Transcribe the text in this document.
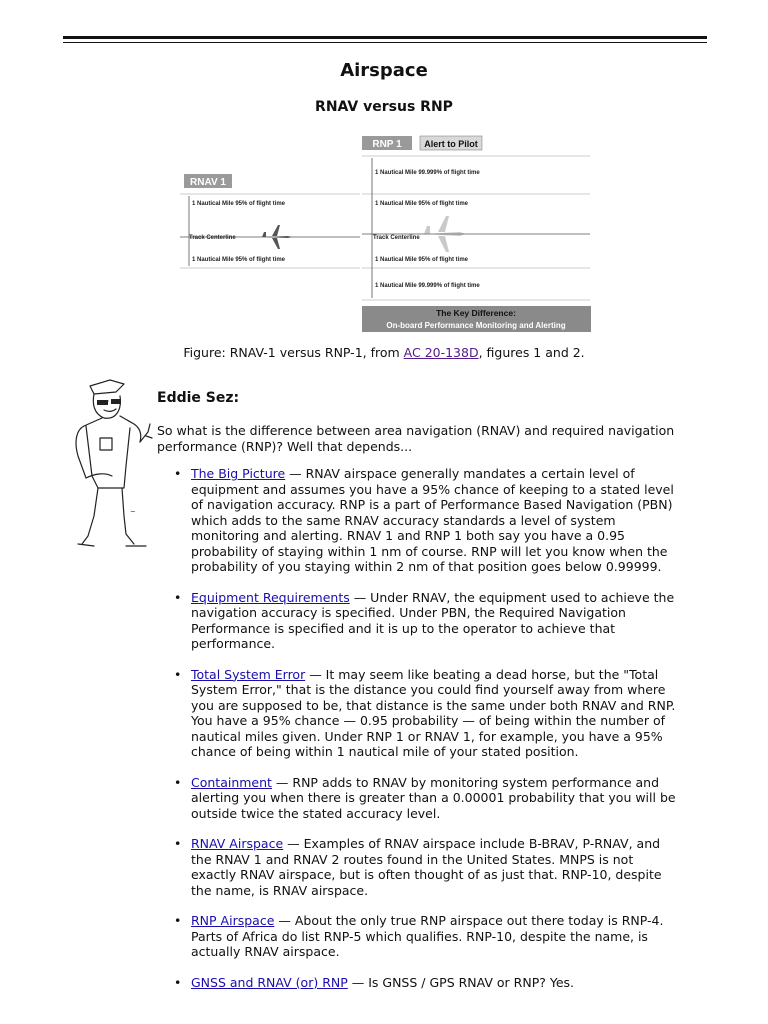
Airspace
RNAV versus RNP
RNAV 1
1 Nautical Mile 95% of flight time
Track Centerline
1 Nautical Mile 95% of flight time
RNP 1	Alert to Pilot
1 Nautical Mile 99.999% of flight time
1 Nautical Mile 95% of flight time
Track Centerline
1 Nautical Mile 95% of flight time
1 Nautical Mile 99.999% of flight time
The Key Difference:
On-board Performance Monitoring and Alerting
Figure: RNAV-1 versus RNP-1, from AC 20-138D, figures 1 and 2.
~
Eddie Sez:
So what is the difference between area navigation (RNAV) and required navigation performance (RNP)? Well that depends...
• The Big Picture — RNAV airspace generally mandates a certain level of equipment and assumes you have a 95% chance of keeping to a stated level of navigation accuracy. RNP is a part of Performance Based Navigation (PBN) which adds to the same RNAV accuracy standards a level of system monitoring and alerting. RNAV 1 and RNP 1 both say you have a 0.95 probability of staying within 1 nm of course. RNP will let you know when the probability of you staying within 2 nm of that position goes below 0.99999.
• Equipment Requirements — Under RNAV, the equipment used to achieve the navigation accuracy is specified. Under PBN, the Required Navigation Performance is specified and it is up to the operator to achieve that performance.
• Total System Error — It may seem like beating a dead horse, but the "Total System Error," that is the distance you could find yourself away from where you are supposed to be, that distance is the same under both RNAV and RNP. You have a 95% chance — 0.95 probability — of being within the number of nautical miles given. Under RNP 1 or RNAV 1, for example, you have a 95% chance of being within 1 nautical mile of your stated position.
• Containment — RNP adds to RNAV by monitoring system performance and alerting you when there is greater than a 0.00001 probability that you will be outside twice the stated accuracy level.
• RNAV Airspace — Examples of RNAV airspace include B-BRAV, P-RNAV, and the RNAV 1 and RNAV 2 routes found in the United States. MNPS is not exactly RNAV airspace, but is often thought of as just that. RNP-10, despite the name, is RNAV airspace.
• RNP Airspace — About the only true RNP airspace out there today is RNP-4. Parts of Africa do list RNP-5 which qualifies. RNP-10, despite the name, is actually RNAV airspace.
• GNSS and RNAV (or) RNP — Is GNSS / GPS RNAV or RNP? Yes.
